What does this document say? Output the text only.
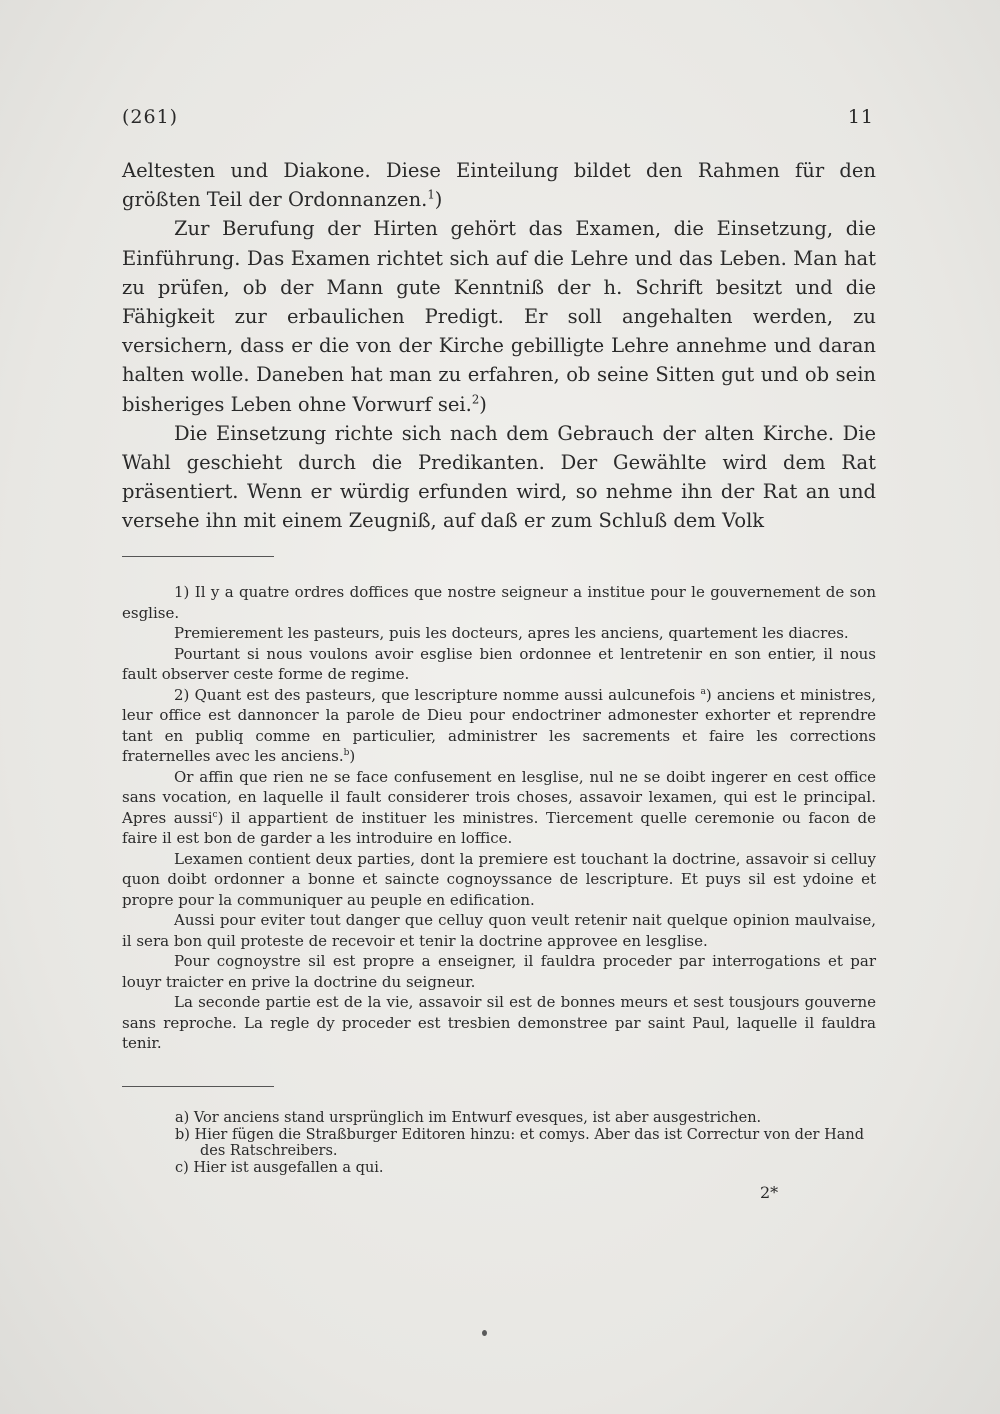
(261)	11

Aeltesten und Diakone. Diese Einteilung bildet den Rahmen für den größten Teil der Ordonnanzen.$^1$)

Zur Berufung der Hirten gehört das Examen, die Einsetzung, die Einführung. Das Examen richtet sich auf die Lehre und das Leben. Man hat zu prüfen, ob der Mann gute Kenntniß der h. Schrift besitzt und die Fähigkeit zur erbaulichen Predigt. Er soll angehalten werden, zu versichern, dass er die von der Kirche gebilligte Lehre annehme und daran halten wolle. Daneben hat man zu erfahren, ob seine Sitten gut und ob sein bisheriges Leben ohne Vorwurf sei.$^2$)

Die Einsetzung richte sich nach dem Gebrauch der alten Kirche. Die Wahl geschieht durch die Predikanten. Der Gewählte wird dem Rat präsentiert. Wenn er würdig erfunden wird, so nehme ihn der Rat an und versehe ihn mit einem Zeugniß, auf daß er zum Schluß dem Volk

1) Il y a quatre ordres doffices que nostre seigneur a institue pour le gouvernement de son esglise.

Premierement les pasteurs, puis les docteurs, apres les anciens, quartement les diacres.

Pourtant si nous voulons avoir esglise bien ordonnee et lentretenir en son entier, il nous fault observer ceste forme de regime.

2) Quant est des pasteurs, que lescripture nomme aussi aulcunefois $^a$) anciens et ministres, leur office est dannoncer la parole de Dieu pour endoctriner admonester exhorter et reprendre tant en publiq comme en particulier, administrer les sacrements et faire les corrections fraternelles avec les anciens.$^b$)

Or affin que rien ne se face confusement en lesglise, nul ne se doibt ingerer en cest office sans vocation, en laquelle il fault considerer trois choses, assavoir lexamen, qui est le principal. Apres aussi$^c$) il appartient de instituer les ministres. Tiercement quelle ceremonie ou facon de faire il est bon de garder a les introduire en loffice.

Lexamen contient deux parties, dont la premiere est touchant la doctrine, assavoir si celluy quon doibt ordonner a bonne et saincte cognoyssance de lescripture. Et puys sil est ydoine et propre pour la communiquer au peuple en edification.

Aussi pour eviter tout danger que celluy quon veult retenir nait quelque opinion maulvaise, il sera bon quil proteste de recevoir et tenir la doctrine approvee en lesglise.

Pour cognoystre sil est propre a enseigner, il fauldra proceder par interrogations et par louyr traicter en prive la doctrine du seigneur.

La seconde partie est de la vie, assavoir sil est de bonnes meurs et sest tousjours gouverne sans reproche. La regle dy proceder est tresbien demonstree par saint Paul, laquelle il fauldra tenir.

a) Vor anciens stand ursprünglich im Entwurf evesques, ist aber ausgestrichen.

b) Hier fügen die Straßburger Editoren hinzu: et comys. Aber das ist Correctur von der Hand des Ratschreibers.

c) Hier ist ausgefallen a qui.

2*
